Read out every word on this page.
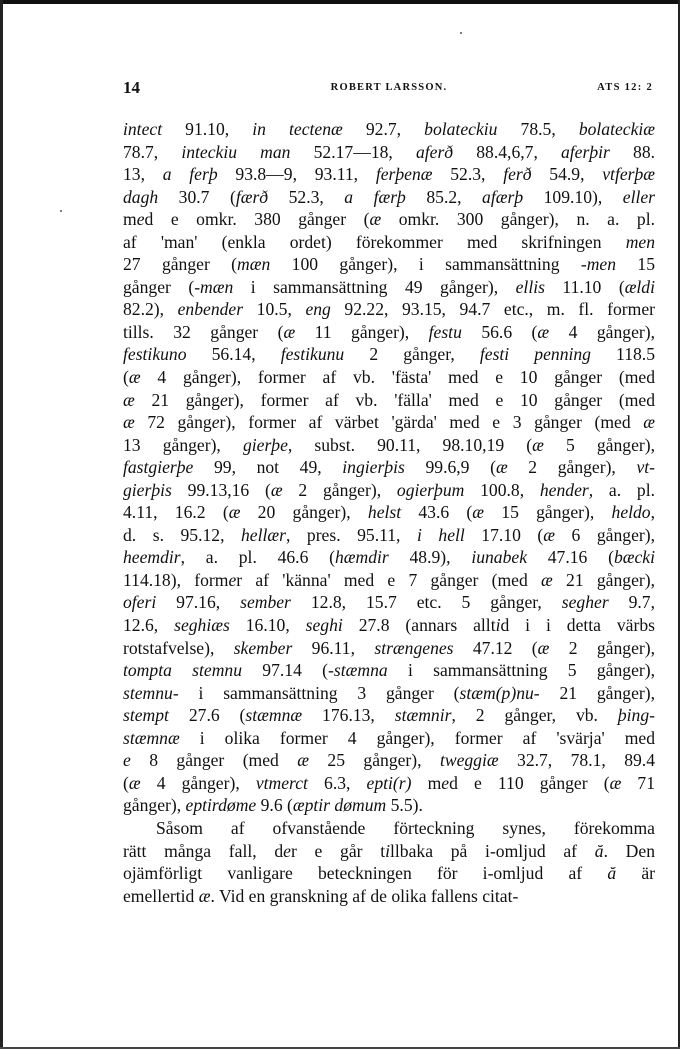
14	ROBERT LARSSON.	ATS 12: 2
intect 91.10, in tectenæ 92.7, bolateckiu 78.5, bolateckiæ
78.7, inteckiu man 52.17—18, aferð 88.4,6,7, aferþir 88.
13, a ferþ 93.8—9, 93.11, ferþenæ 52.3, ferð 54.9, vtferþæ
dagh 30.7 (færð 52.3, a færþ 85.2, afærþ 109.10), eller
med e omkr. 380 gånger (æ omkr. 300 gånger), n. a. pl.
af 'man' (enkla ordet) förekommer med skrifningen men
27 gånger (mæn 100 gånger), i sammansättning -men 15
gånger (-mæn i sammansättning 49 gånger), ellis 11.10 (ældi
82.2), enbender 10.5, eng 92.22, 93.15, 94.7 etc., m. fl. former
tills. 32 gånger (æ 11 gånger), festu 56.6 (æ 4 gånger),
festikuno 56.14, festikunu 2 gånger, festi penning 118.5
(æ 4 gånger), former af vb. 'fästa' med e 10 gånger (med
æ 21 gånger), former af vb. 'fälla' med e 10 gånger (med
æ 72 gånger), former af värbet 'gärda' med e 3 gånger (med æ
13 gånger), gierþe, subst. 90.11, 98.10,19 (æ 5 gånger),
fastgierþe 99, not 49, ingierþis 99.6,9 (æ 2 gånger), vt-
gierþis 99.13,16 (æ 2 gånger), ogierþum 100.8, hender, a. pl.
4.11, 16.2 (æ 20 gånger), helst 43.6 (æ 15 gånger), heldo,
d. s. 95.12, hellær, pres. 95.11, i hell 17.10 (æ 6 gånger),
heemdir, a. pl. 46.6 (hæmdir 48.9), iunabek 47.16 (bæcki
114.18), former af 'känna' med e 7 gånger (med æ 21 gånger),
oferi 97.16, sember 12.8, 15.7 etc. 5 gånger, segher 9.7,
12.6, seghiæs 16.10, seghi 27.8 (annars alltid i i detta värbs
rotstafvelse), skember 96.11, strængenes 47.12 (æ 2 gånger),
tompta stemnu 97.14 (-stæmna i sammansättning 5 gånger),
stemnu- i sammansättning 3 gånger (stæm(p)nu- 21 gånger),
stempt 27.6 (stæmnæ 176.13, stæmnir, 2 gånger, vb. þing-
stæmnæ i olika former 4 gånger), former af 'svärja' med
e 8 gånger (med æ 25 gånger), tweggiæ 32.7, 78.1, 89.4
(æ 4 gånger), vtmerct 6.3, epti(r) med e 110 gånger (æ 71
gånger), eptirdøme 9.6 (æptir dømum 5.5).
Såsom af ofvanstående förteckning synes, förekomma
rätt många fall, der e går tillbaka på i-omljud af ă. Den
ojämförligt vanligare beteckningen för i-omljud af ă är
emellertid æ. Vid en granskning af de olika fallens citat-
